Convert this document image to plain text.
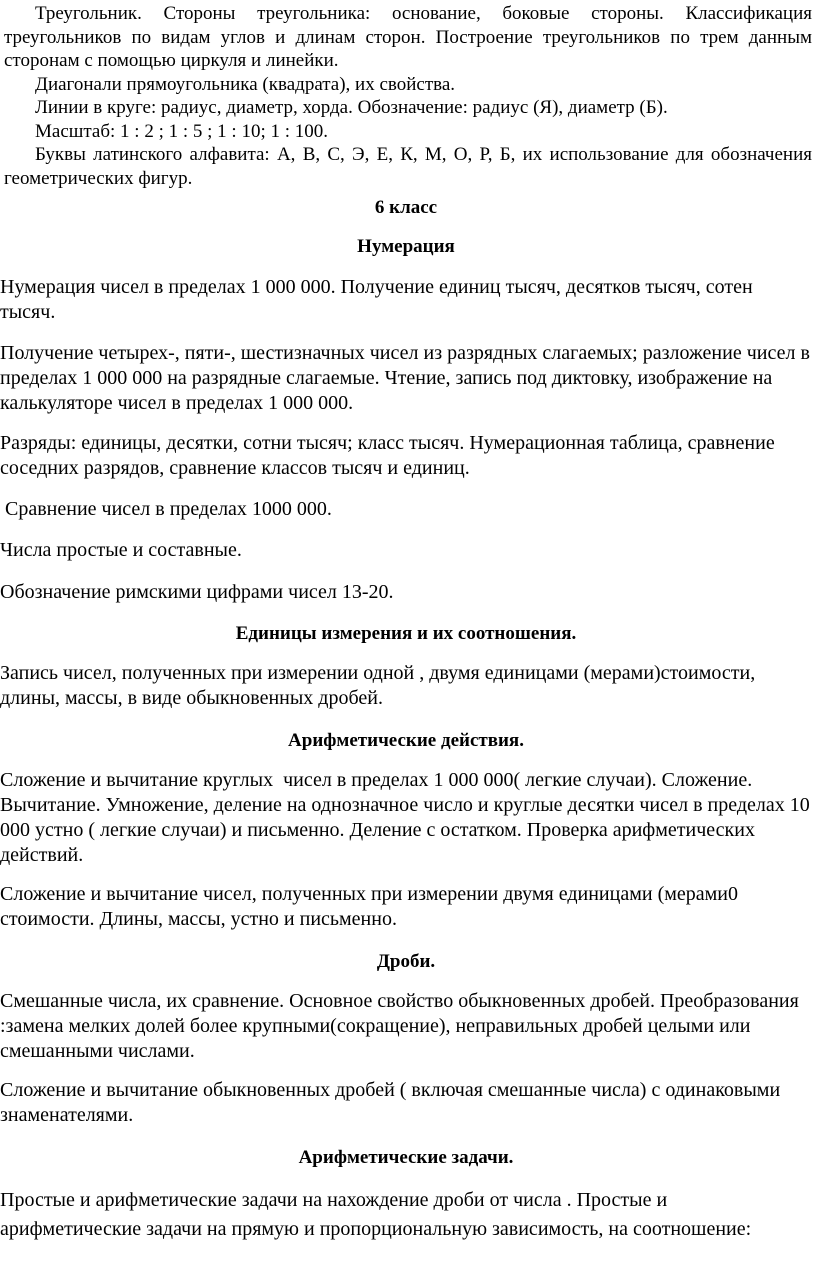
Треугольник. Стороны треугольника: основание, боковые стороны. Классификация треугольников по видам углов и длинам сторон. Построение треугольников по трем данным сторонам с помощью циркуля и линейки.

Диагонали прямоугольника (квадрата), их свойства.

Линии в круге: радиус, диаметр, хорда. Обозначение: радиус (Я), диаметр (Б).

Масштаб: 1 : 2 ; 1 : 5 ; 1 : 10; 1 : 100.

Буквы латинского алфавита: А, В, С, Э, Е, К, М, О, Р, Б, их использование для обозначения геометрических фигур.

6 класс

Нумерация

Нумерация чисел в пределах 1 000 000. Получение единиц тысяч, десятков тысяч, сотен тысяч.

Получение четырех-, пяти-, шестизначных чисел из разрядных слагаемых; разложение чисел в пределах 1 000 000 на разрядные слагаемые. Чтение, запись под диктовку, изображение на калькуляторе чисел в пределах 1 000 000.

Разряды: единицы, десятки, сотни тысяч; класс тысяч. Нумерационная таблица, сравнение соседних разрядов, сравнение классов тысяч и единиц.

Сравнение чисел в пределах 1000 000.

Числа простые и составные.

Обозначение римскими цифрами чисел 13-20.

Единицы измерения и их соотношения.

Запись чисел, полученных при измерении одной , двумя единицами (мерами)стоимости, длины, массы, в виде обыкновенных дробей.

Арифметические действия.

Сложение и вычитание круглых  чисел в пределах 1 000 000( легкие случаи). Сложение. Вычитание. Умножение, деление на однозначное число и круглые десятки чисел в пределах 10 000 устно ( легкие случаи) и письменно. Деление с остатком. Проверка арифметических действий.

Сложение и вычитание чисел, полученных при измерении двумя единицами (мерами0 стоимости. Длины, массы, устно и письменно.

Дроби.

Смешанные числа, их сравнение. Основное свойство обыкновенных дробей. Преобразования :замена мелких долей более крупными(сокращение), неправильных дробей целыми или смешанными числами.

Сложение и вычитание обыкновенных дробей ( включая смешанные числа) с одинаковыми знаменателями.

Арифметические задачи.

Простые и арифметические задачи на нахождение дроби от числа . Простые и арифметические задачи на прямую и пропорциональную зависимость, на соотношение:
